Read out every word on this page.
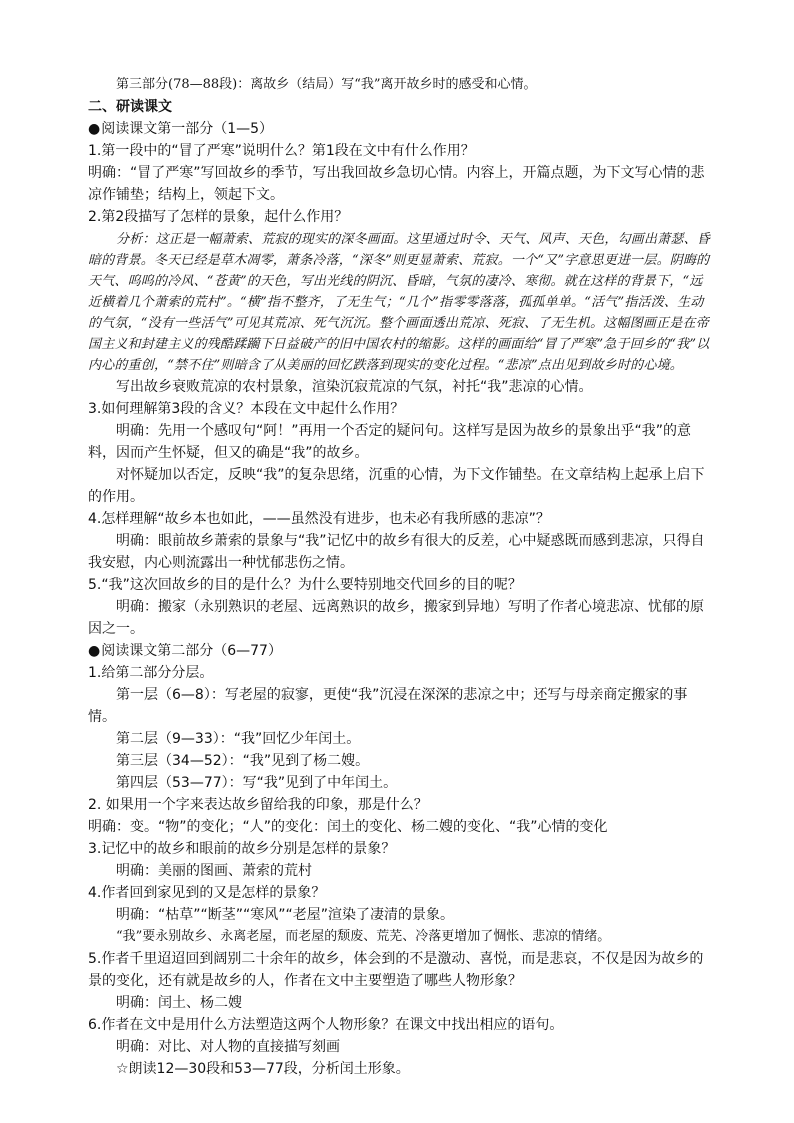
第三部分(78—88段)：离故乡（结局）写“我”离开故乡时的感受和心情。

二、研读课文

● 阅读课文第一部分（1—5）

1.第一段中的“冒了严寒”说明什么？第1段在文中有什么作用？

明确：“冒了严寒”写回故乡的季节，写出我回故乡急切心情。内容上，开篇点题，为下文写心情的悲凉作铺垫；结构上，领起下文。

2.第2段描写了怎样的景象，起什么作用？

分析：这正是一幅萧索、荒寂的现实的深冬画面。这里通过时令、天气、风声、天色，勾画出萧瑟、昏暗的背景。冬天已经是草木凋零，萧条冷落，“深冬”则更显萧索、荒寂。一个“又”字意思更进一层。阴晦的天气、呜呜的冷风、“苍黄”的天色，写出光线的阴沉、昏暗，气氛的凄冷、寒彻。就在这样的背景下，“远近横着几个萧索的荒村”。“横”指不整齐，了无生气；“几个”指零零落落，孤孤单单。“活气”指活泼、生动的气氛，“没有一些活气”可见其荒凉、死气沉沉。整个画面透出荒凉、死寂、了无生机。这幅图画正是在帝国主义和封建主义的残酷蹂躏下日益破产的旧中国农村的缩影。这样的画面给“冒了严寒”急于回乡的“我”以内心的重创，“禁不住”则暗含了从美丽的回忆跌落到现实的变化过程。“悲凉”点出见到故乡时的心境。

写出故乡衰败荒凉的农村景象，渲染沉寂荒凉的气氛，衬托“我”悲凉的心情。

3.如何理解第3段的含义？本段在文中起什么作用？

明确：先用一个感叹句“阿！”再用一个否定的疑问句。这样写是因为故乡的景象出乎“我”的意料，因而产生怀疑，但又的确是“我”的故乡。

对怀疑加以否定，反映“我”的复杂思绪，沉重的心情，为下文作铺垫。在文章结构上起承上启下的作用。

4.怎样理解“故乡本也如此，——虽然没有进步，也未必有我所感的悲凉”？

明确：眼前故乡萧索的景象与“我”记忆中的故乡有很大的反差，心中疑惑既而感到悲凉，只得自我安慰，内心则流露出一种忧郁悲伤之情。

5.“我”这次回故乡的目的是什么？为什么要特别地交代回乡的目的呢？

明确：搬家（永别熟识的老屋、远离熟识的故乡，搬家到异地）写明了作者心境悲凉、忧郁的原因之一。

● 阅读课文第二部分（6—77）

1.给第二部分分层。

第一层（6—8）：写老屋的寂寥，更使“我”沉浸在深深的悲凉之中；还写与母亲商定搬家的事情。

第二层（9—33）：“我”回忆少年闰土。

第三层（34—52）：“我”见到了杨二嫂。

第四层（53—77）：写“我”见到了中年闰土。

2. 如果用一个字来表达故乡留给我的印象，那是什么？

明确：变。“物”的变化；“人”的变化：闰土的变化、杨二嫂的变化、“我”心情的变化

3.记忆中的故乡和眼前的故乡分别是怎样的景象？

明确：美丽的图画、萧索的荒村

4.作者回到家见到的又是怎样的景象？

明确：“枯草”“断茎”“寒风”“老屋”渲染了凄清的景象。

“我”要永别故乡、永离老屋，而老屋的颓废、荒芜、冷落更增加了惆怅、悲凉的情绪。

5.作者千里迢迢回到阔别二十余年的故乡，体会到的不是激动、喜悦，而是悲哀，不仅是因为故乡的景的变化，还有就是故乡的人，作者在文中主要塑造了哪些人物形象？

明确：闰土、杨二嫂

6.作者在文中是用什么方法塑造这两个人物形象？在课文中找出相应的语句。

明确：对比、对人物的直接描写刻画

☆朗读12—30段和53—77段，分析闰土形象。
